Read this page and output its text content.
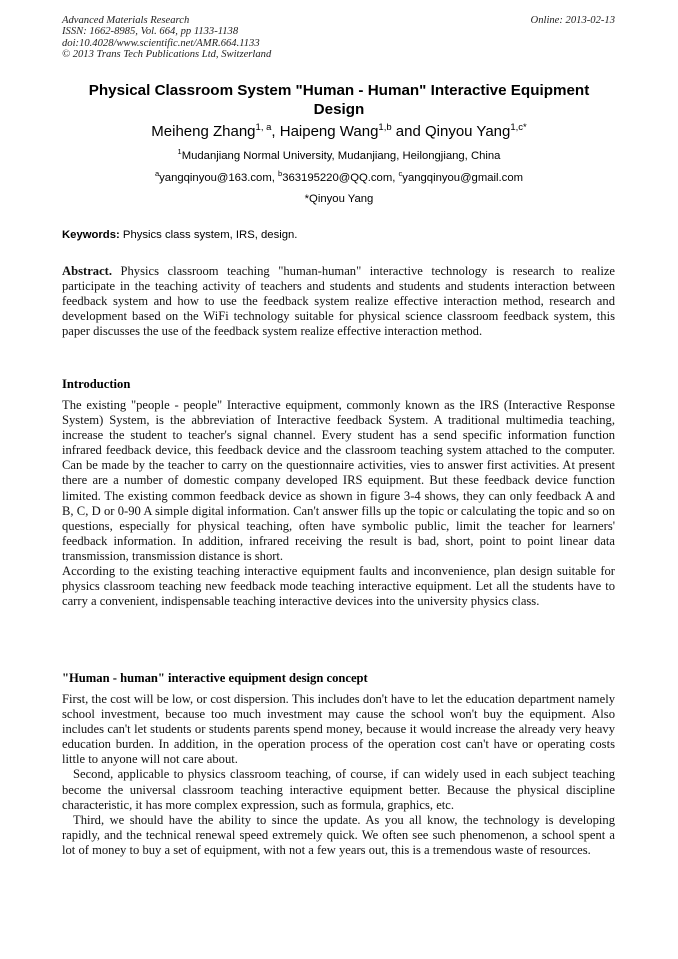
Advanced Materials Research
ISSN: 1662-8985, Vol. 664, pp 1133-1138
doi:10.4028/www.scientific.net/AMR.664.1133
© 2013 Trans Tech Publications Ltd, Switzerland
Online: 2013-02-13
Physical Classroom System "Human - Human" Interactive Equipment Design
Meiheng Zhang$^{1, a}$, Haipeng Wang$^{1,b}$ and Qinyou Yang$^{1,c*}$
$^1$Mudanjiang Normal University, Mudanjiang, Heilongjiang, China
$^a$yangqinyou@163.com, $^b$363195220@QQ.com, $^c$yangqinyou@gmail.com
*Qinyou Yang
Keywords: Physics class system, IRS, design.

Abstract. Physics classroom teaching "human-human" interactive technology is research to realize participate in the teaching activity of teachers and students and students and students interaction between feedback system and how to use the feedback system realize effective interaction method, research and development based on the WiFi technology suitable for physical science classroom feedback system, this paper discusses the use of the feedback system realize effective interaction method.

Introduction

The existing "people - people" Interactive equipment, commonly known as the IRS (Interactive Response System) System, is the abbreviation of Interactive feedback System. A traditional multimedia teaching, increase the student to teacher's signal channel. Every student has a send specific information function infrared feedback device, this feedback device and the classroom teaching system attached to the computer. Can be made by the teacher to carry on the questionnaire activities, vies to answer first activities. At present there are a number of domestic company developed IRS equipment. But these feedback device function limited. The existing common feedback device as shown in figure 3-4 shows, they can only feedback A and B, C, D or 0-90 A simple digital information. Can't answer fills up the topic or calculating the topic and so on questions, especially for physical teaching, often have symbolic public, limit the teacher for learners' feedback information. In addition, infrared receiving the result is bad, short, point to point linear data transmission, transmission distance is short.

According to the existing teaching interactive equipment faults and inconvenience, plan design suitable for physics classroom teaching new feedback mode teaching interactive equipment. Let all the students have to carry a convenient, indispensable teaching interactive devices into the university physics class.

"Human - human" interactive equipment design concept

First, the cost will be low, or cost dispersion. This includes don't have to let the education department namely school investment, because too much investment may cause the school won't buy the equipment. Also includes can't let students or students parents spend money, because it would increase the already very heavy education burden. In addition, in the operation process of the operation cost can't have or operating costs little to anyone will not care about.

Second, applicable to physics classroom teaching, of course, if can widely used in each subject teaching become the universal classroom teaching interactive equipment better. Because the physical discipline characteristic, it has more complex expression, such as formula, graphics, etc.

Third, we should have the ability to since the update. As you all know, the technology is developing rapidly, and the technical renewal speed extremely quick. We often see such phenomenon, a school spent a lot of money to buy a set of equipment, with not a few years out, this is a tremendous waste of resources.
